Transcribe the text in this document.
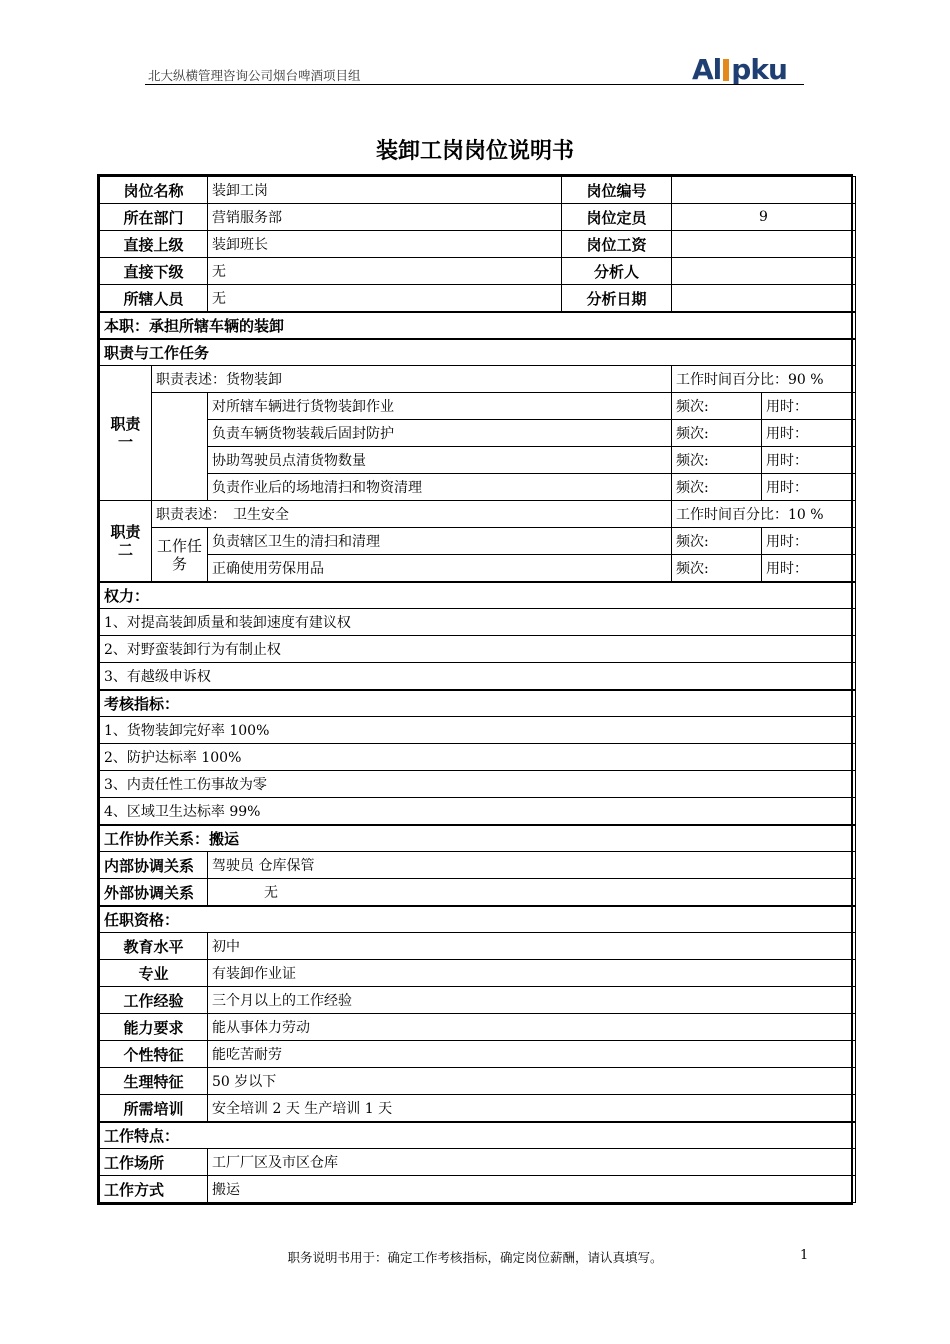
北大纵横管理咨询公司烟台啤酒项目组	Al pku
装卸工岗岗位说明书
岗位名称		装卸工岗	岗位编号		
所在部门		营销服务部	岗位定员	9	
直接上级		装卸班长	岗位工资		
直接下级		无	分析人		
所辖人员		无	分析日期		
本职：承担所辖车辆的装卸					
职责与工作任务					
职责一	职责表述：货物装卸			工作时间百分比：90 %	
		对所辖车辆进行货物装卸作业		频次:	用时：
		负责车辆货物装载后固封防护		频次:	用时：
		协助驾驶员点清货物数量		频次:	用时：
		负责作业后的场地清扫和物资清理		频次:	用时：
职责二	职责表述：　卫生安全			工作时间百分比：10 %	
	工作任务	负责辖区卫生的清扫和清理		频次:	用时：
		正确使用劳保用品		频次:	用时：
权力：					
1、对提高装卸质量和装卸速度有建议权					
2、对野蛮装卸行为有制止权					
3、有越级申诉权					
考核指标：					
1、货物装卸完好率 100%					
2、防护达标率 100%					
3、内责任性工伤事故为零					
4、区域卫生达标率 99%					
工作协作关系：搬运					
内部协调关系		驾驶员 仓库保管			
外部协调关系		无			
任职资格：					
教育水平		初中			
专业		有装卸作业证			
工作经验		三个月以上的工作经验			
能力要求		能从事体力劳动			
个性特征		能吃苦耐劳			
生理特征		50 岁以下			
所需培训		安全培训 2 天 生产培训 1 天			
工作特点：					
工作场所		工厂厂区及市区仓库			
工作方式		搬运			
职务说明书用于：确定工作考核指标，确定岗位薪酬，请认真填写。	1
